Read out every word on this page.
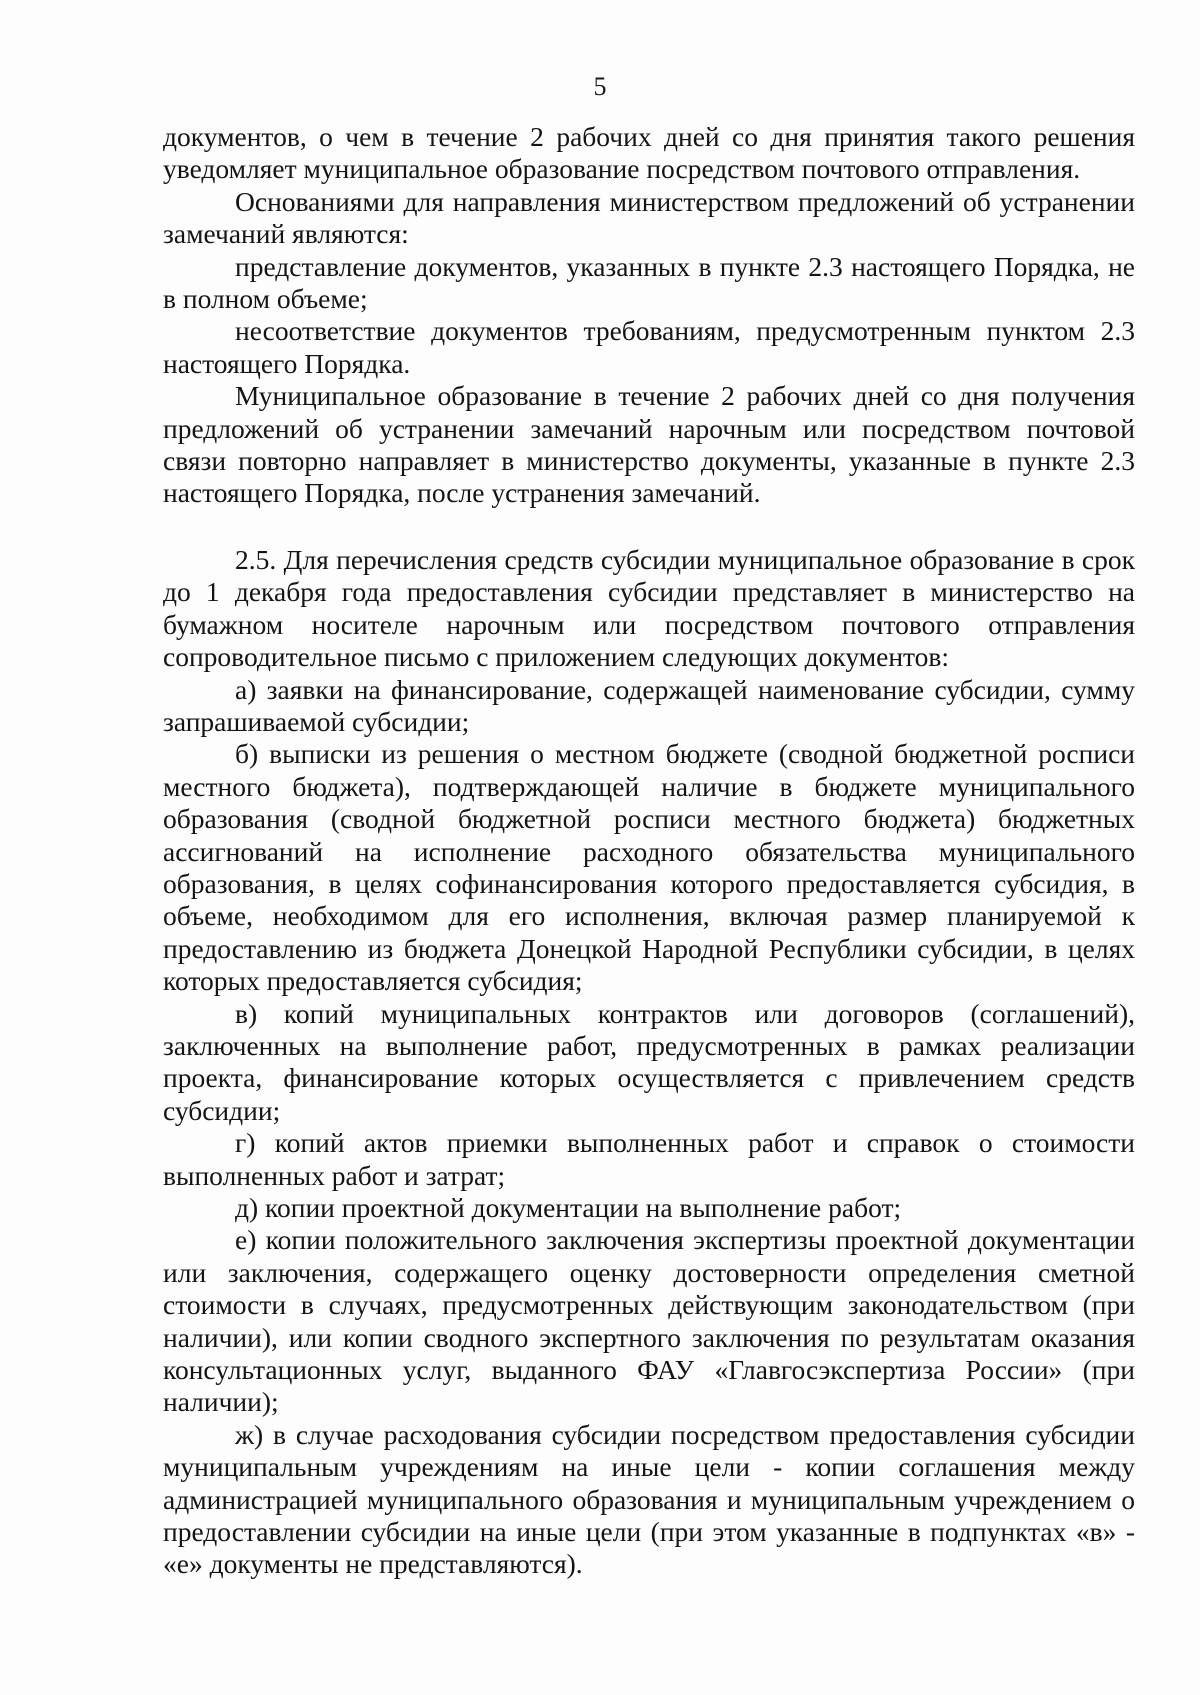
5

документов, о чем в течение 2 рабочих дней со дня принятия такого решения уведомляет муниципальное образование посредством почтового отправления.

Основаниями для направления министерством предложений об устранении замечаний являются:

представление документов, указанных в пункте 2.3 настоящего Порядка, не в полном объеме;

несоответствие документов требованиям, предусмотренным пунктом 2.3 настоящего Порядка.

Муниципальное образование в течение 2 рабочих дней со дня получения предложений об устранении замечаний нарочным или посредством почтовой связи повторно направляет в министерство документы, указанные в пункте 2.3 настоящего Порядка, после устранения замечаний.

2.5. Для перечисления средств субсидии муниципальное образование в срок до 1 декабря года предоставления субсидии представляет в министерство на бумажном носителе нарочным или посредством почтового отправления сопроводительное письмо с приложением следующих документов:

а) заявки на финансирование, содержащей наименование субсидии, сумму запрашиваемой субсидии;

б) выписки из решения о местном бюджете (сводной бюджетной росписи местного бюджета), подтверждающей наличие в бюджете муниципального образования (сводной бюджетной росписи местного бюджета) бюджетных ассигнований на исполнение расходного обязательства муниципального образования, в целях софинансирования которого предоставляется субсидия, в объеме, необходимом для его исполнения, включая размер планируемой к предоставлению из бюджета Донецкой Народной Республики субсидии, в целях которых предоставляется субсидия;

в) копий муниципальных контрактов или договоров (соглашений), заключенных на выполнение работ, предусмотренных в рамках реализации проекта, финансирование которых осуществляется с привлечением средств субсидии;

г) копий актов приемки выполненных работ и справок о стоимости выполненных работ и затрат;

д) копии проектной документации на выполнение работ;

е) копии положительного заключения экспертизы проектной документации или заключения, содержащего оценку достоверности определения сметной стоимости в случаях, предусмотренных действующим законодательством (при наличии), или копии сводного экспертного заключения по результатам оказания консультационных услуг, выданного ФАУ «Главгосэкспертиза России» (при наличии);

ж) в случае расходования субсидии посредством предоставления субсидии муниципальным учреждениям на иные цели - копии соглашения между администрацией муниципального образования и муниципальным учреждением о предоставлении субсидии на иные цели (при этом указанные в подпунктах «в» - «е» документы не представляются).
